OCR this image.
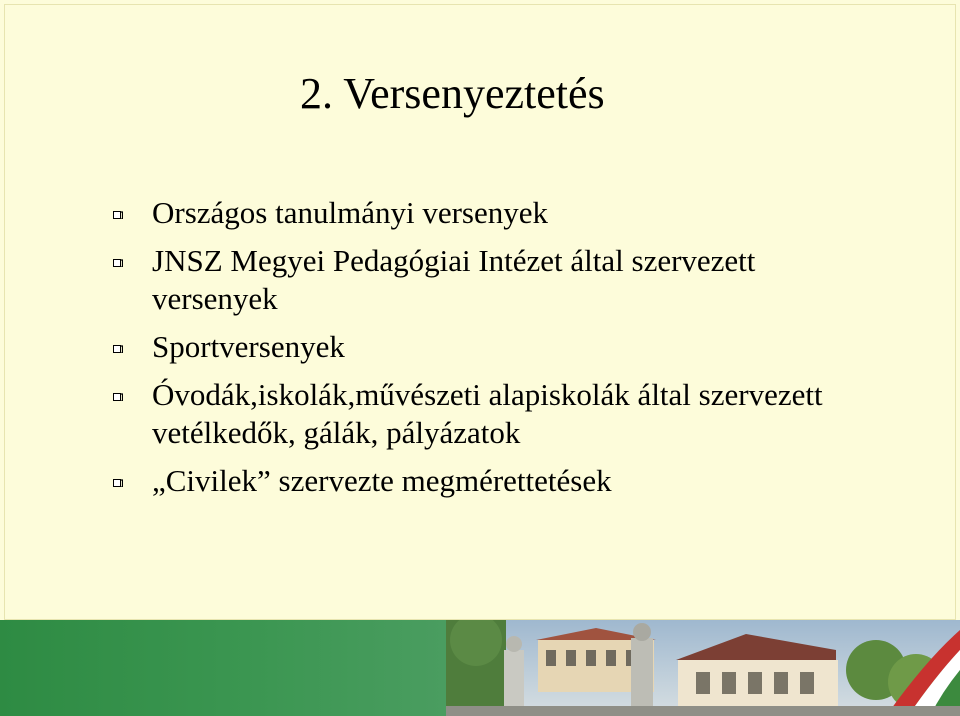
2. Versenyeztetés
Országos tanulmányi versenyek
JNSZ Megyei Pedagógiai Intézet által szervezett versenyek
Sportversenyek
Óvodák,iskolák,művészeti alapiskolák által szervezett vetélkedők, gálák, pályázatok
„Civilek” szervezte megmérettetések
